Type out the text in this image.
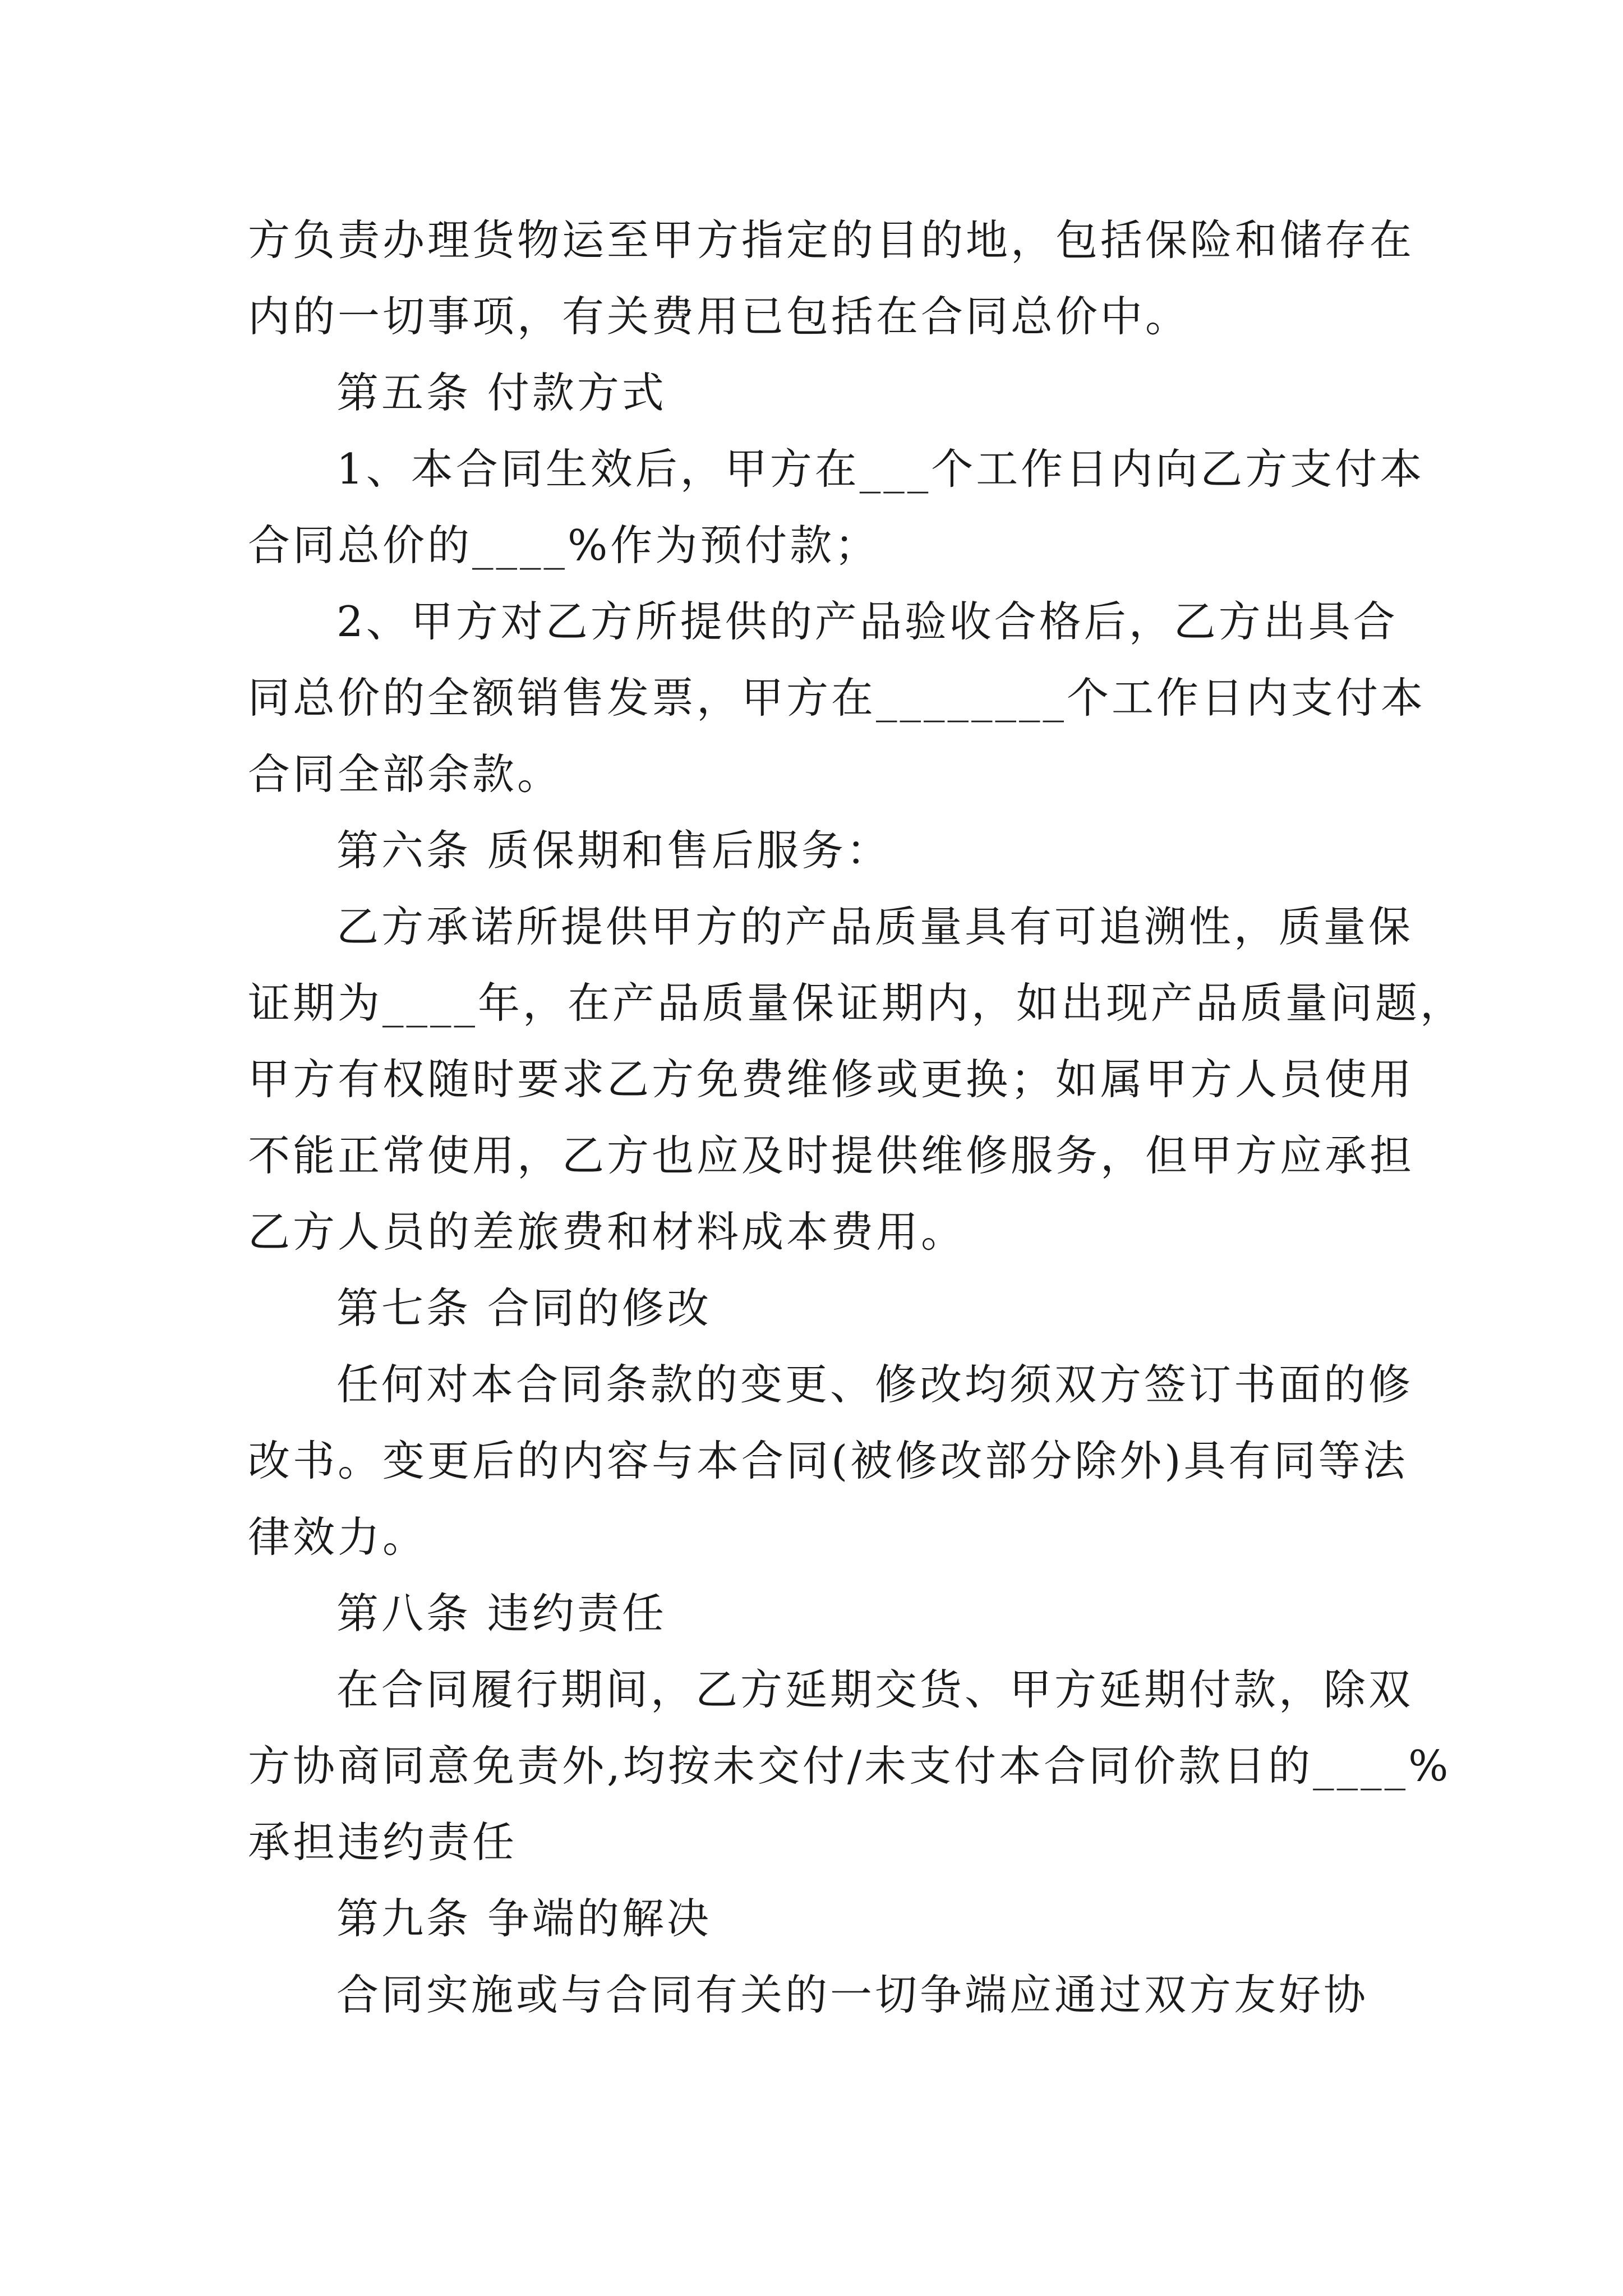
方负责办理货物运至甲方指定的目的地，包括保险和储存在
内的一切事项，有关费用已包括在合同总价中。
第五条 付款方式
1、本合同生效后，甲方在___个工作日内向乙方支付本
合同总价的____%作为预付款；
2、甲方对乙方所提供的产品验收合格后，乙方出具合
同总价的全额销售发票，甲方在________个工作日内支付本
合同全部余款。
第六条 质保期和售后服务：
乙方承诺所提供甲方的产品质量具有可追溯性，质量保
证期为____年，在产品质量保证期内，如出现产品质量问题，
甲方有权随时要求乙方免费维修或更换；如属甲方人员使用
不能正常使用，乙方也应及时提供维修服务，但甲方应承担
乙方人员的差旅费和材料成本费用。
第七条 合同的修改
任何对本合同条款的变更、修改均须双方签订书面的修
改书。变更后的内容与本合同(被修改部分除外)具有同等法
律效力。
第八条 违约责任
在合同履行期间，乙方延期交货、甲方延期付款，除双
方协商同意免责外,均按未交付/未支付本合同价款日的____%
承担违约责任
第九条 争端的解决
合同实施或与合同有关的一切争端应通过双方友好协
